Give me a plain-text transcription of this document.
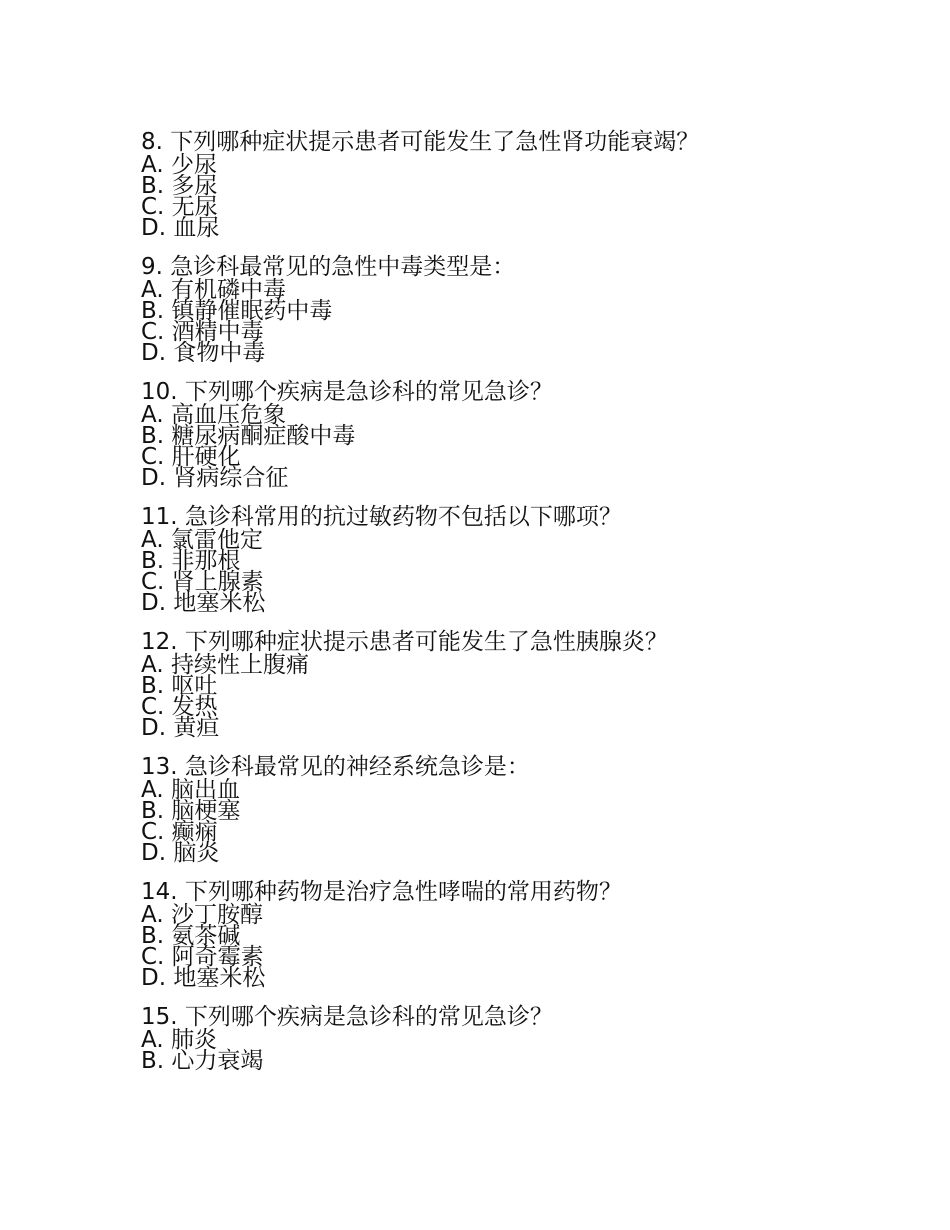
8. 下列哪种症状提示患者可能发生了急性肾功能衰竭？
A. 少尿
B. 多尿
C. 无尿
D. 血尿
9. 急诊科最常见的急性中毒类型是：
A. 有机磷中毒
B. 镇静催眠药中毒
C. 酒精中毒
D. 食物中毒
10. 下列哪个疾病是急诊科的常见急诊？
A. 高血压危象
B. 糖尿病酮症酸中毒
C. 肝硬化
D. 肾病综合征
11. 急诊科常用的抗过敏药物不包括以下哪项？
A. 氯雷他定
B. 非那根
C. 肾上腺素
D. 地塞米松
12. 下列哪种症状提示患者可能发生了急性胰腺炎？
A. 持续性上腹痛
B. 呕吐
C. 发热
D. 黄疸
13. 急诊科最常见的神经系统急诊是：
A. 脑出血
B. 脑梗塞
C. 癫痫
D. 脑炎
14. 下列哪种药物是治疗急性哮喘的常用药物？
A. 沙丁胺醇
B. 氨茶碱
C. 阿奇霉素
D. 地塞米松
15. 下列哪个疾病是急诊科的常见急诊？
A. 肺炎
B. 心力衰竭
